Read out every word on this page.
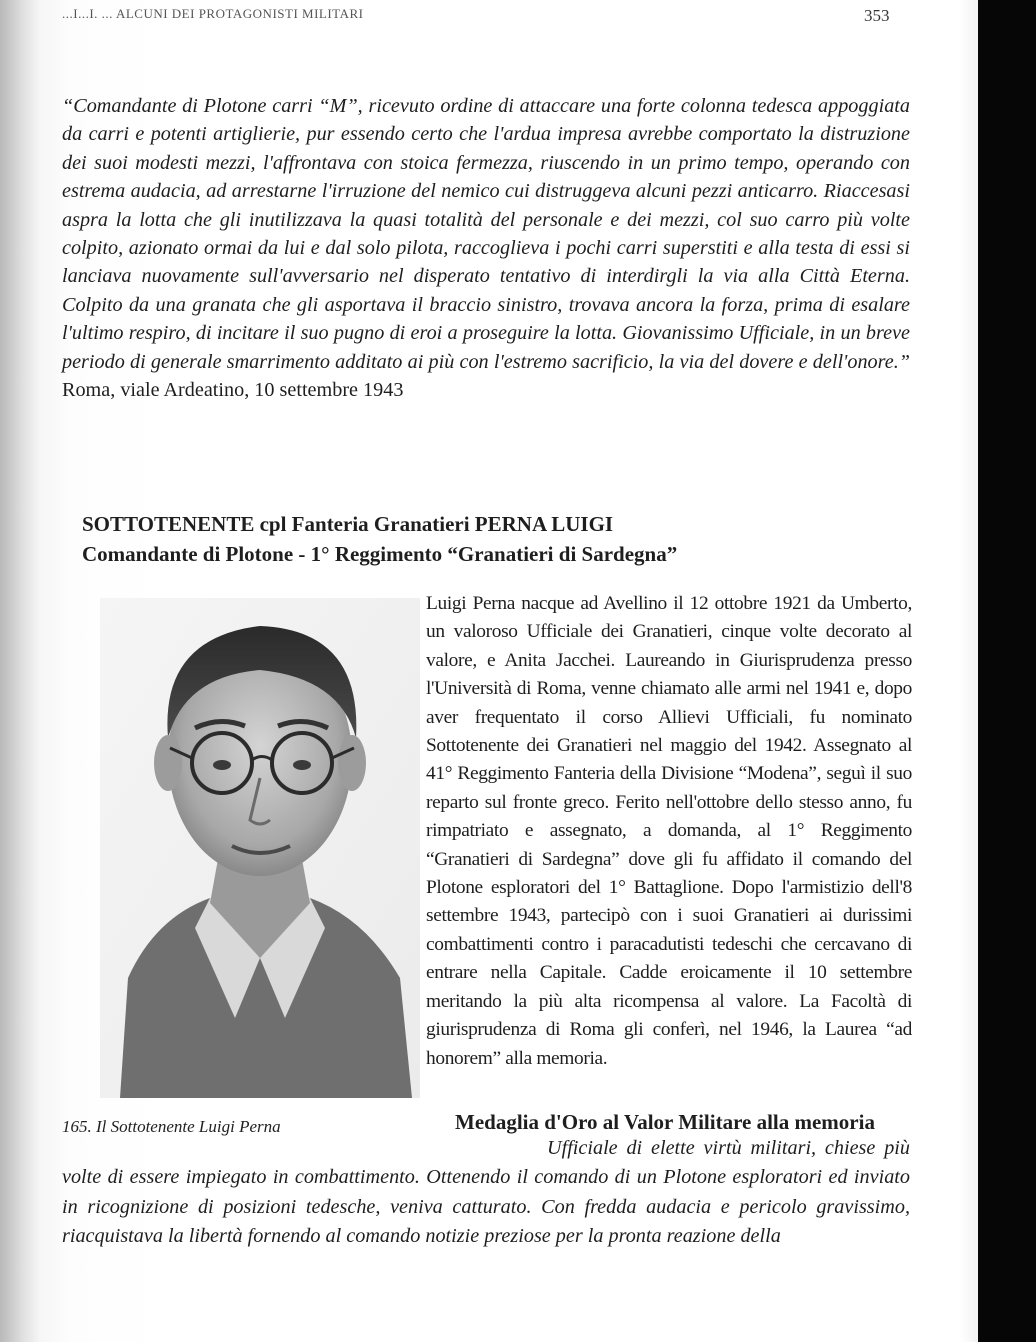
...I...I. ... ALCUNI DEI PROTAGONISTI MILITARI	353
“Comandante di Plotone carri “M”, ricevuto ordine di attaccare una forte colonna tedesca appoggiata da carri e potenti artiglierie, pur essendo certo che l'ardua impresa avrebbe comportato la distruzione dei suoi modesti mezzi, l'affrontava con stoica fermezza, riuscendo in un primo tempo, operando con estrema audacia, ad arrestarne l'irruzione del nemico cui distruggeva alcuni pezzi anticarro. Riaccesasi aspra la lotta che gli inutilizzava la quasi totalità del personale e dei mezzi, col suo carro più volte colpito, azionato ormai da lui e dal solo pilota, raccoglieva i pochi carri superstiti e alla testa di essi si lanciava nuovamente sull'avversario nel disperato tentativo di interdirgli la via alla Città Eterna. Colpito da una granata che gli asportava il braccio sinistro, trovava ancora la forza, prima di esalare l'ultimo respiro, di incitare il suo pugno di eroi a proseguire la lotta. Giovanissimo Ufficiale, in un breve periodo di generale smarrimento additato ai più con l'estremo sacrificio, la via del dovere e dell'onore.” Roma, viale Ardeatino, 10 settembre 1943
SOTTOTENENTE cpl Fanteria Granatieri PERNA LUIGI
Comandante di Plotone - 1° Reggimento “Granatieri di Sardegna”
165. Il Sottotenente Luigi Perna
Luigi Perna nacque ad Avellino il 12 ottobre 1921 da Umberto, un valoroso Ufficiale dei Granatieri, cinque volte decorato al valore, e Anita Jacchei. Laureando in Giurisprudenza presso l'Università di Roma, venne chiamato alle armi nel 1941 e, dopo aver frequentato il corso Allievi Ufficiali, fu nominato Sottotenente dei Granatieri nel maggio del 1942. Assegnato al 41° Reggimento Fanteria della Divisione “Modena”, seguì il suo reparto sul fronte greco. Ferito nell'ottobre dello stesso anno, fu rimpatriato e assegnato, a domanda, al 1° Reggimento “Granatieri di Sardegna” dove gli fu affidato il comando del Plotone esploratori del 1° Battaglione. Dopo l'armistizio dell'8 settembre 1943, partecipò con i suoi Granatieri ai durissimi combattimenti contro i paracadutisti tedeschi che cercavano di entrare nella Capitale. Cadde eroicamente il 10 settembre meritando la più alta ricompensa al valore. La Facoltà di giurisprudenza di Roma gli conferì, nel 1946, la Laurea “ad honorem” alla memoria.
Medaglia d'Oro al Valor Militare alla memoria
Ufficiale di elette virtù militari, chiese più volte di essere impiegato in combattimento. Ottenendo il comando di un Plotone esploratori ed inviato in ricognizione di posizioni tedesche, veniva catturato. Con fredda audacia e pericolo gravissimo, riacquistava la libertà fornendo al comando notizie preziose per la pronta reazione della
